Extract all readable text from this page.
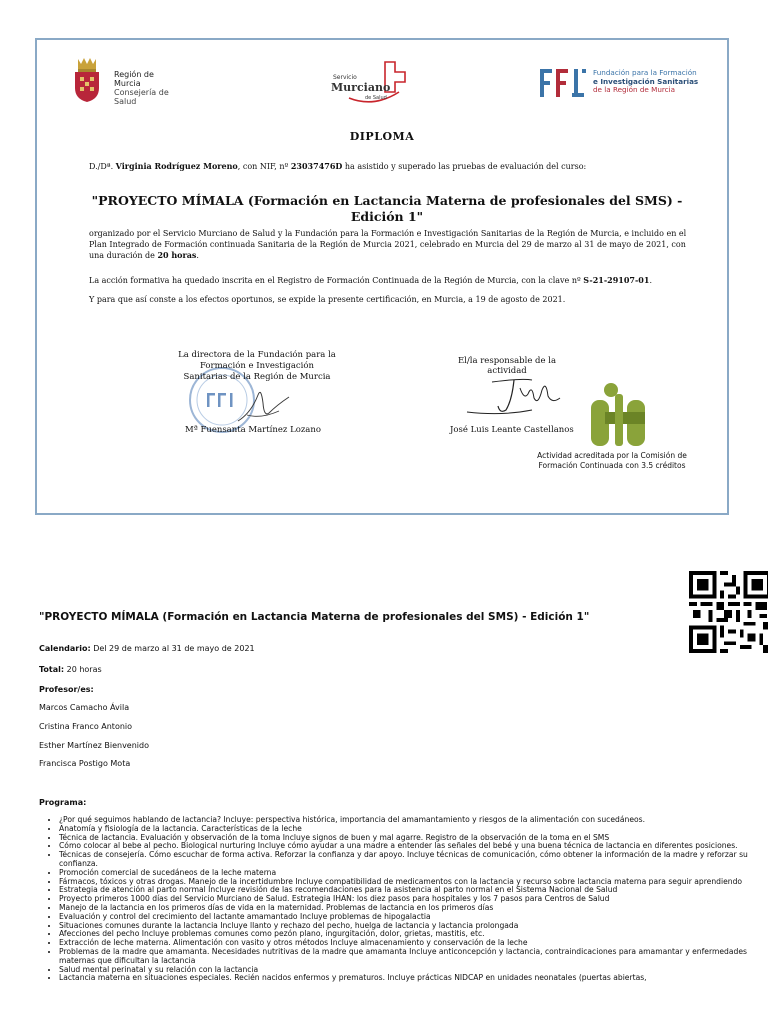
Región de Murcia
Consejería de Salud
Servicio
Murciano
de Salud
Fundación para la Formación
e Investigación Sanitarias
de la Región de Murcia
DIPLOMA
D./Dª. Virginia Rodríguez Moreno, con NIF, nº 23037476D ha asistido y superado las pruebas de evaluación del curso:
"PROYECTO MÍMALA (Formación en Lactancia Materna de profesionales del SMS) - Edición 1"
organizado por el Servicio Murciano de Salud y la Fundación para la Formación e Investigación Sanitarias de la Región de Murcia, e incluido en el Plan Integrado de Formación continuada Sanitaria de la Región de Murcia 2021, celebrado en Murcia del 29 de marzo al 31 de mayo de 2021, con una duración de 20 horas.
La acción formativa ha quedado inscrita en el Registro de Formación Continuada de la Región de Murcia, con la clave nº S-21-29107-01.
Y para que así conste a los efectos oportunos, se expide la presente certificación, en Murcia, a 19 de agosto de 2021.
La directora de la Fundación para la Formación e Investigación Sanitarias de la Región de Murcia
El/la responsable de la actividad
Mª Fuensanta Martínez Lozano	José Luis Leante Castellanos
Actividad acreditada por la Comisión de Formación Continuada con 3.5 créditos
"PROYECTO MÍMALA (Formación en Lactancia Materna de profesionales del SMS) - Edición 1"
Calendario: Del 29 de marzo al 31 de mayo de 2021
Total: 20 horas
Profesor/es:
Marcos Camacho Ávila
Cristina Franco Antonio
Esther Martínez Bienvenido
Francisca Postigo Mota
Programa:
• ¿Por qué seguimos hablando de lactancia? Incluye: perspectiva histórica, importancia del amamantamiento y riesgos de la alimentación con sucedáneos.
• Anatomía y fisiología de la lactancia. Características de la leche
• Técnica de lactancia. Evaluación y observación de la toma Incluye signos de buen y mal agarre. Registro de la observación de la toma en el SMS
• Cómo colocar al bebe al pecho. Biological nurturing Incluye cómo ayudar a una madre a entender las señales del bebé y una buena técnica de lactancia en diferentes posiciones.
• Técnicas de consejería. Cómo escuchar de forma activa. Reforzar la confianza y dar apoyo. Incluye técnicas de comunicación, cómo obtener la información de la madre y reforzar su confianza.
• Promoción comercial de sucedáneos de la leche materna
• Fármacos, tóxicos y otras drogas. Manejo de la incertidumbre Incluye compatibilidad de medicamentos con la lactancia y recurso sobre lactancia materna para seguir aprendiendo
• Estrategia de atención al parto normal Incluye revisión de las recomendaciones para la asistencia al parto normal en el Sistema Nacional de Salud
• Proyecto primeros 1000 días del Servicio Murciano de Salud. Estrategia IHAN: los diez pasos para hospitales y los 7 pasos para Centros de Salud
• Manejo de la lactancia en los primeros días de vida en la maternidad. Problemas de lactancia en los primeros días
• Evaluación y control del crecimiento del lactante amamantado Incluye problemas de hipogalactia
• Situaciones comunes durante la lactancia Incluye llanto y rechazo del pecho, huelga de lactancia y lactancia prolongada
• Afecciones del pecho Incluye problemas comunes como pezón plano, ingurgitación, dolor, grietas, mastitis, etc.
• Extracción de leche materna. Alimentación con vasito y otros métodos Incluye almacenamiento y conservación de la leche
• Problemas de la madre que amamanta. Necesidades nutritivas de la madre que amamanta Incluye anticoncepción y lactancia, contraindicaciones para amamantar y enfermedades maternas que dificultan la lactancia
• Salud mental perinatal y su relación con la lactancia
• Lactancia materna en situaciones especiales. Recién nacidos enfermos y prematuros. Incluye prácticas NIDCAP en unidades neonatales (puertas abiertas,
